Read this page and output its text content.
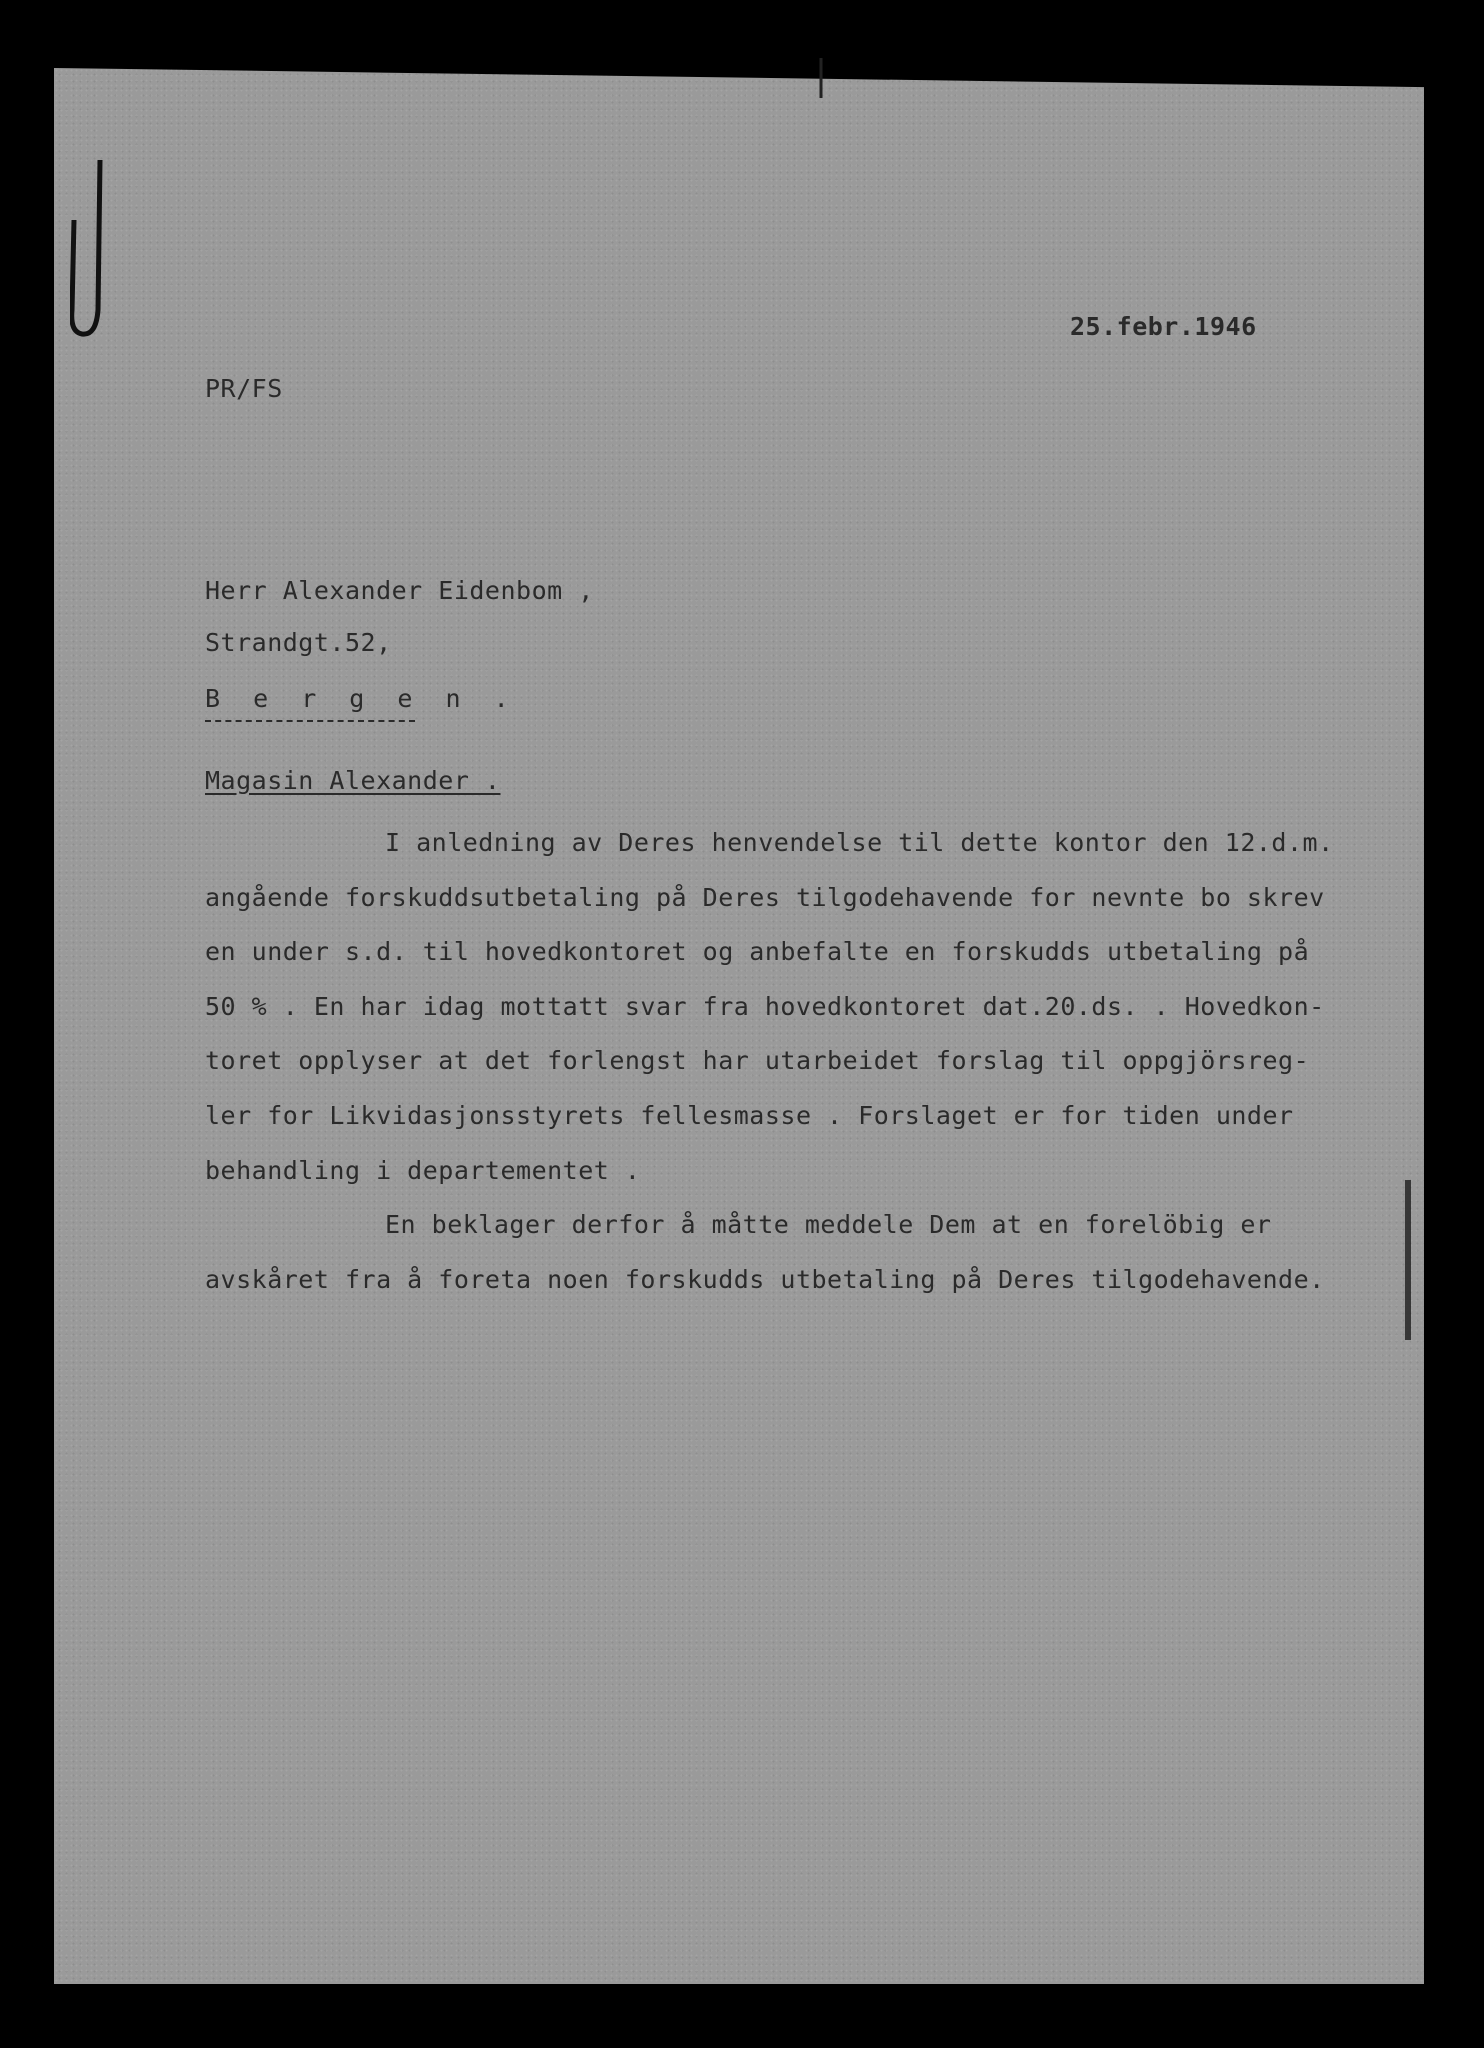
25.febr.1946
PR/FS
Herr Alexander Eidenbom ,
Strandgt.52,
B e r g e n .
Magasin Alexander .
I anledning av Deres henvendelse til dette kontor den 12.d.m.
angående forskuddsutbetaling på Deres tilgodehavende for nevnte bo skrev
en under s.d. til hovedkontoret og anbefalte en forskudds utbetaling på
50 % . En har idag mottatt svar fra hovedkontoret dat.20.ds. . Hovedkon-
toret opplyser at det forlengst har utarbeidet forslag til oppgjörsreg-
ler for Likvidasjonsstyrets fellesmasse . Forslaget er for tiden under
behandling i departementet .
En beklager derfor å måtte meddele Dem at en forelöbig er
avskåret fra å foreta noen forskudds utbetaling på Deres tilgodehavende.
